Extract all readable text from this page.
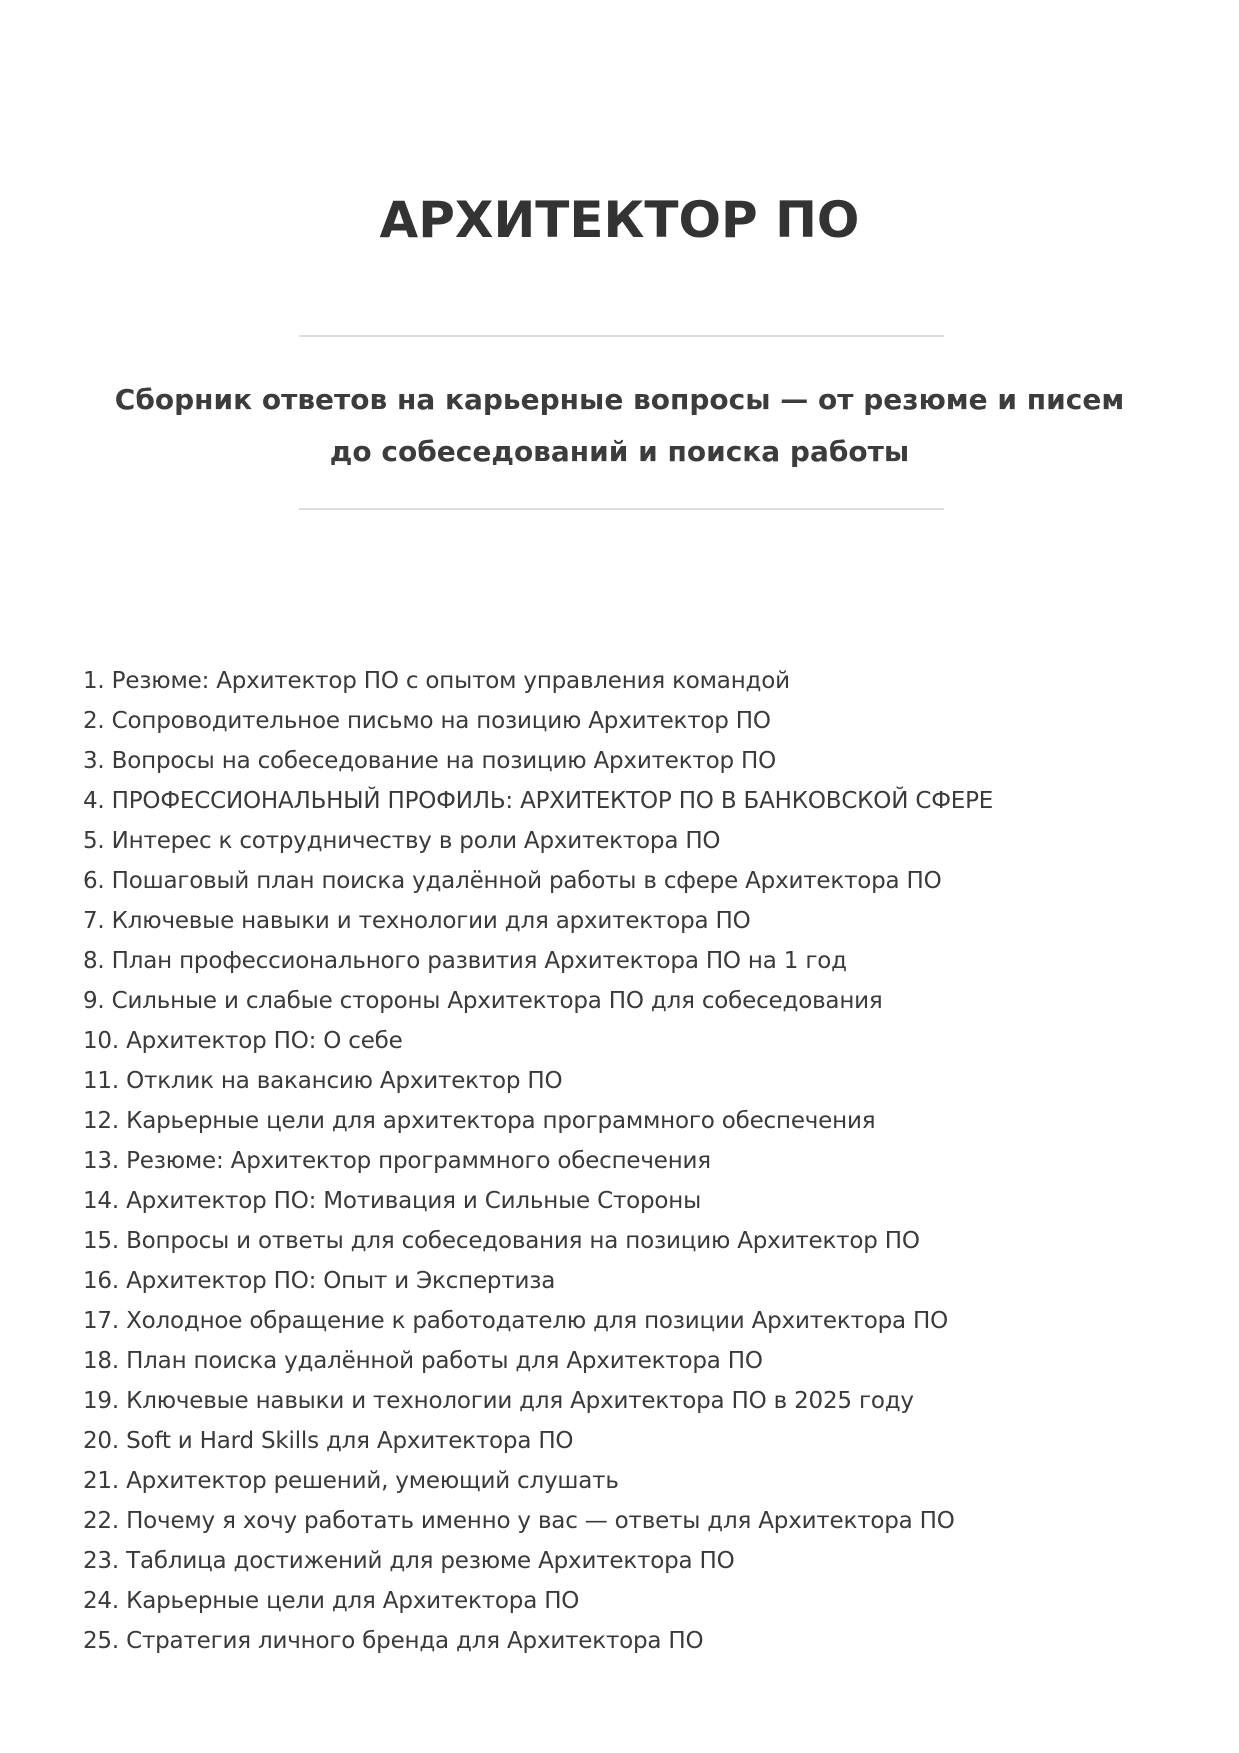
АРХИТЕКТОР ПО

Сборник ответов на карьерные вопросы — от резюме и писем до собеседований и поиска работы

1. Резюме: Архитектор ПО с опытом управления командой
2. Сопроводительное письмо на позицию Архитектор ПО
3. Вопросы на собеседование на позицию Архитектор ПО
4. ПРОФЕССИОНАЛЬНЫЙ ПРОФИЛЬ: АРХИТЕКТОР ПО В БАНКОВСКОЙ СФЕРЕ
5. Интерес к сотрудничеству в роли Архитектора ПО
6. Пошаговый план поиска удалённой работы в сфере Архитектора ПО
7. Ключевые навыки и технологии для архитектора ПО
8. План профессионального развития Архитектора ПО на 1 год
9. Сильные и слабые стороны Архитектора ПО для собеседования
10. Архитектор ПО: О себе
11. Отклик на вакансию Архитектор ПО
12. Карьерные цели для архитектора программного обеспечения
13. Резюме: Архитектор программного обеспечения
14. Архитектор ПО: Мотивация и Сильные Стороны
15. Вопросы и ответы для собеседования на позицию Архитектор ПО
16. Архитектор ПО: Опыт и Экспертиза
17. Холодное обращение к работодателю для позиции Архитектора ПО
18. План поиска удалённой работы для Архитектора ПО
19. Ключевые навыки и технологии для Архитектора ПО в 2025 году
20. Soft и Hard Skills для Архитектора ПО
21. Архитектор решений, умеющий слушать
22. Почему я хочу работать именно у вас — ответы для Архитектора ПО
23. Таблица достижений для резюме Архитектора ПО
24. Карьерные цели для Архитектора ПО
25. Стратегия личного бренда для Архитектора ПО
